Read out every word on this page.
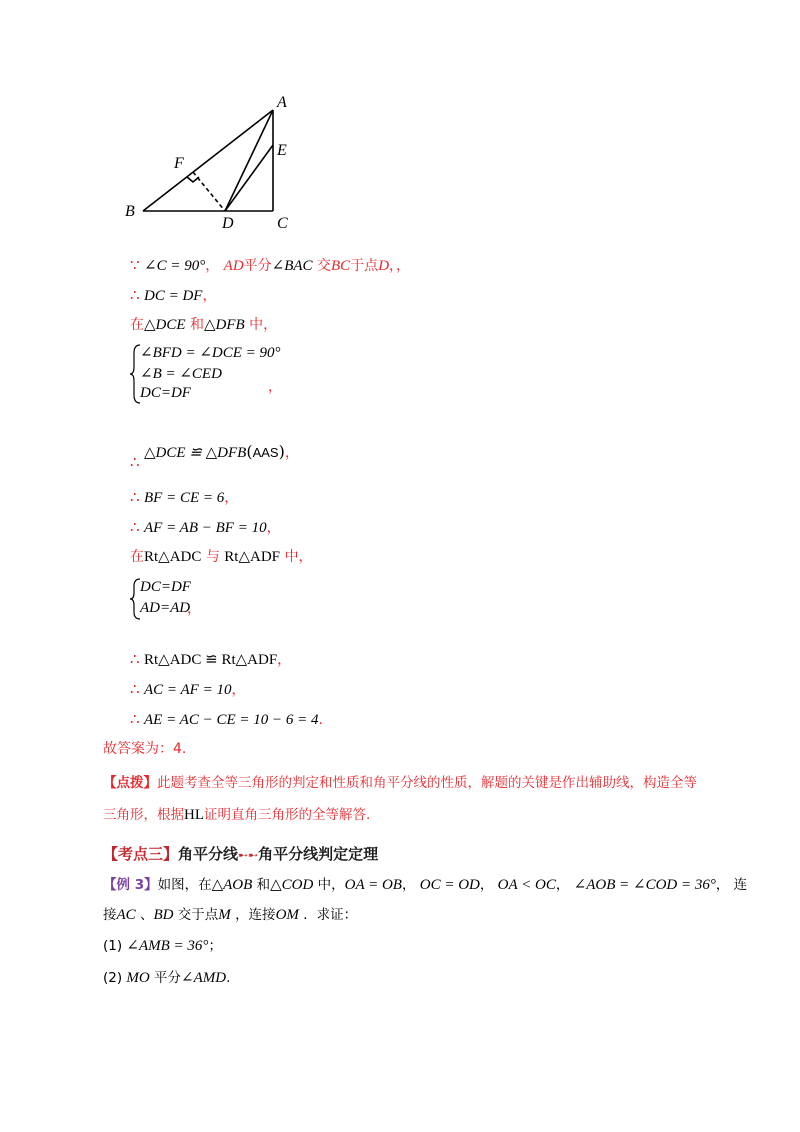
A
B
C
D
E
F
∵ ∠C = 90°， AD平分∠BAC 交BC于点D，，
∴ DC = DF，
在△DCE 和△DFB 中，
∠BFD = ∠DCE = 90°
∠B = ∠CED
DC=DF	，
∴ △DCE ≌ △DFB(AAS)，
∴ BF = CE = 6，
∴ AF = AB − BF = 10，
在Rt△ADC 与 Rt△ADF 中，
DC=DF
AD=AD
，
∴ Rt△ADC ≌ Rt△ADF，
∴ AC = AF = 10，
∴ AE = AC − CE = 10 − 6 = 4.
故答案为：4.
【点拨】此题考查全等三角形的判定和性质和角平分线的性质，解题的关键是作出辅助线，构造全等
三角形，根据HL证明直角三角形的全等解答.
【考点三】角平分线➸➸角平分线判定定理
【例 3】如图，在△AOB 和△COD 中，OA = OB， OC = OD， OA < OC， ∠AOB = ∠COD = 36°， 连
接AC 、BD 交于点M ，连接OM ．求证：
(1) ∠AMB = 36°；
(2) MO 平分∠AMD.
